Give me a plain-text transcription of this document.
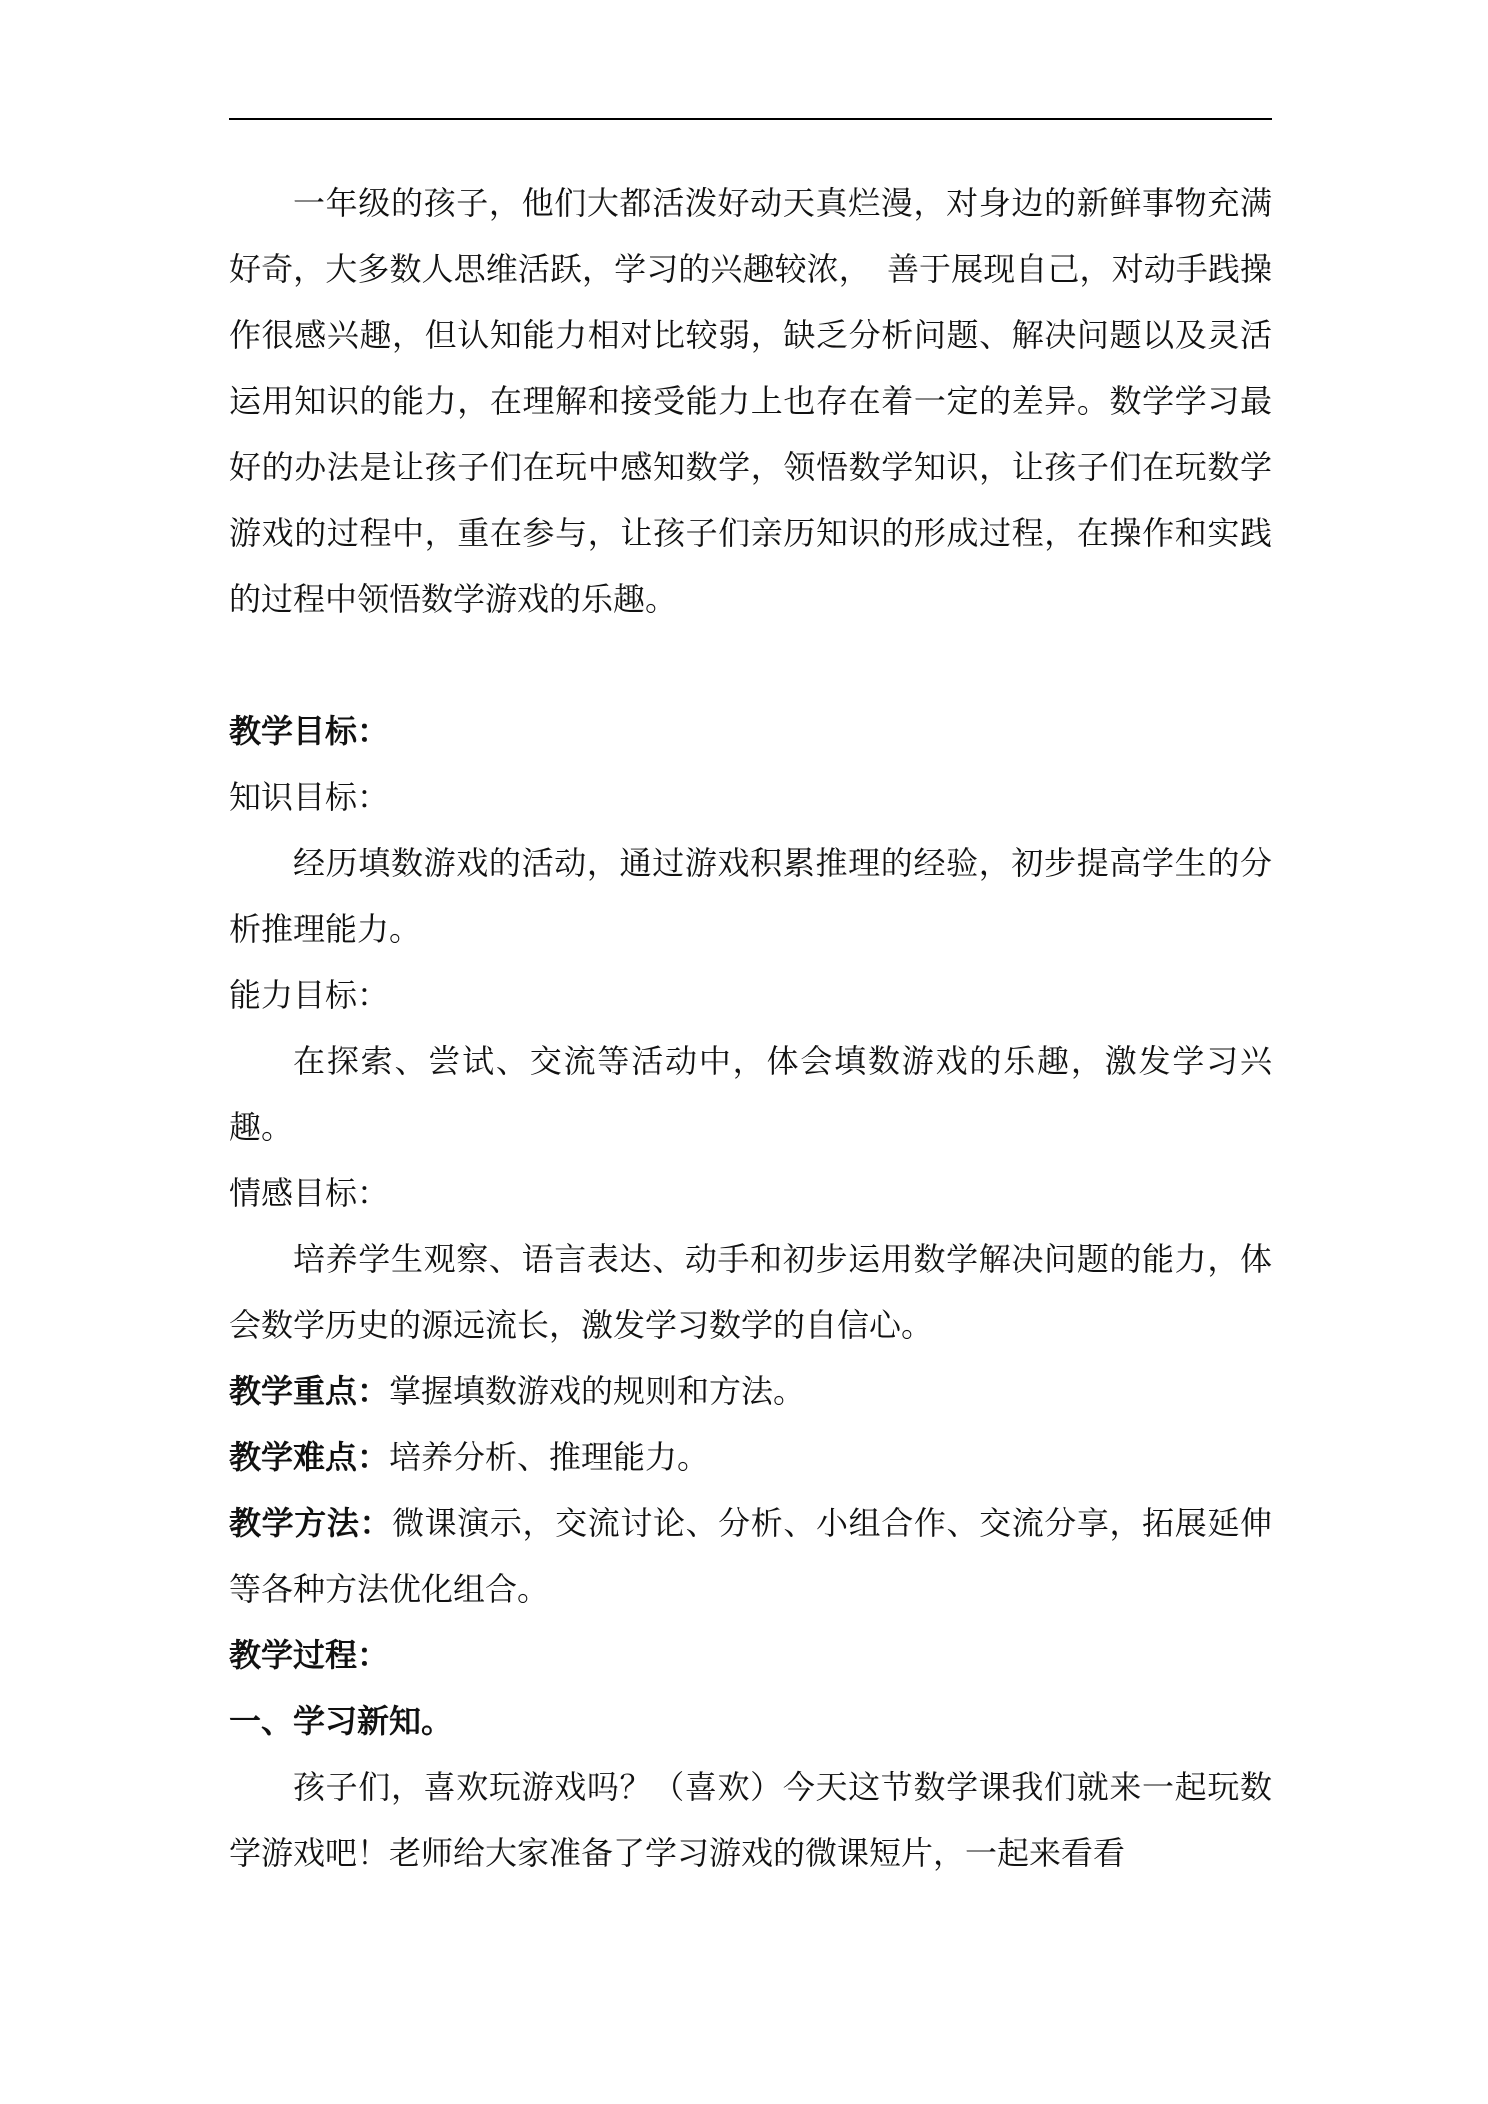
一年级的孩子，他们大都活泼好动天真烂漫，对身边的新鲜事物充满好奇，大多数人思维活跃，学习的兴趣较浓，　善于展现自己，对动手践操作很感兴趣，但认知能力相对比较弱，缺乏分析问题、解决问题以及灵活运用知识的能力，在理解和接受能力上也存在着一定的差异。数学学习最好的办法是让孩子们在玩中感知数学，领悟数学知识，让孩子们在玩数学游戏的过程中，重在参与，让孩子们亲历知识的形成过程，在操作和实践的过程中领悟数学游戏的乐趣。

教学目标：

知识目标：

经历填数游戏的活动，通过游戏积累推理的经验，初步提高学生的分析推理能力。

能力目标：

在探索、尝试、交流等活动中，体会填数游戏的乐趣，激发学习兴趣。

情感目标：

培养学生观察、语言表达、动手和初步运用数学解决问题的能力，体会数学历史的源远流长，激发学习数学的自信心。

教学重点：掌握填数游戏的规则和方法。

教学难点：培养分析、推理能力。

教学方法：微课演示，交流讨论、分析、小组合作、交流分享，拓展延伸等各种方法优化组合。

教学过程：

一、学习新知。

孩子们，喜欢玩游戏吗？（喜欢）今天这节数学课我们就来一起玩数学游戏吧！老师给大家准备了学习游戏的微课短片，一起来看看
